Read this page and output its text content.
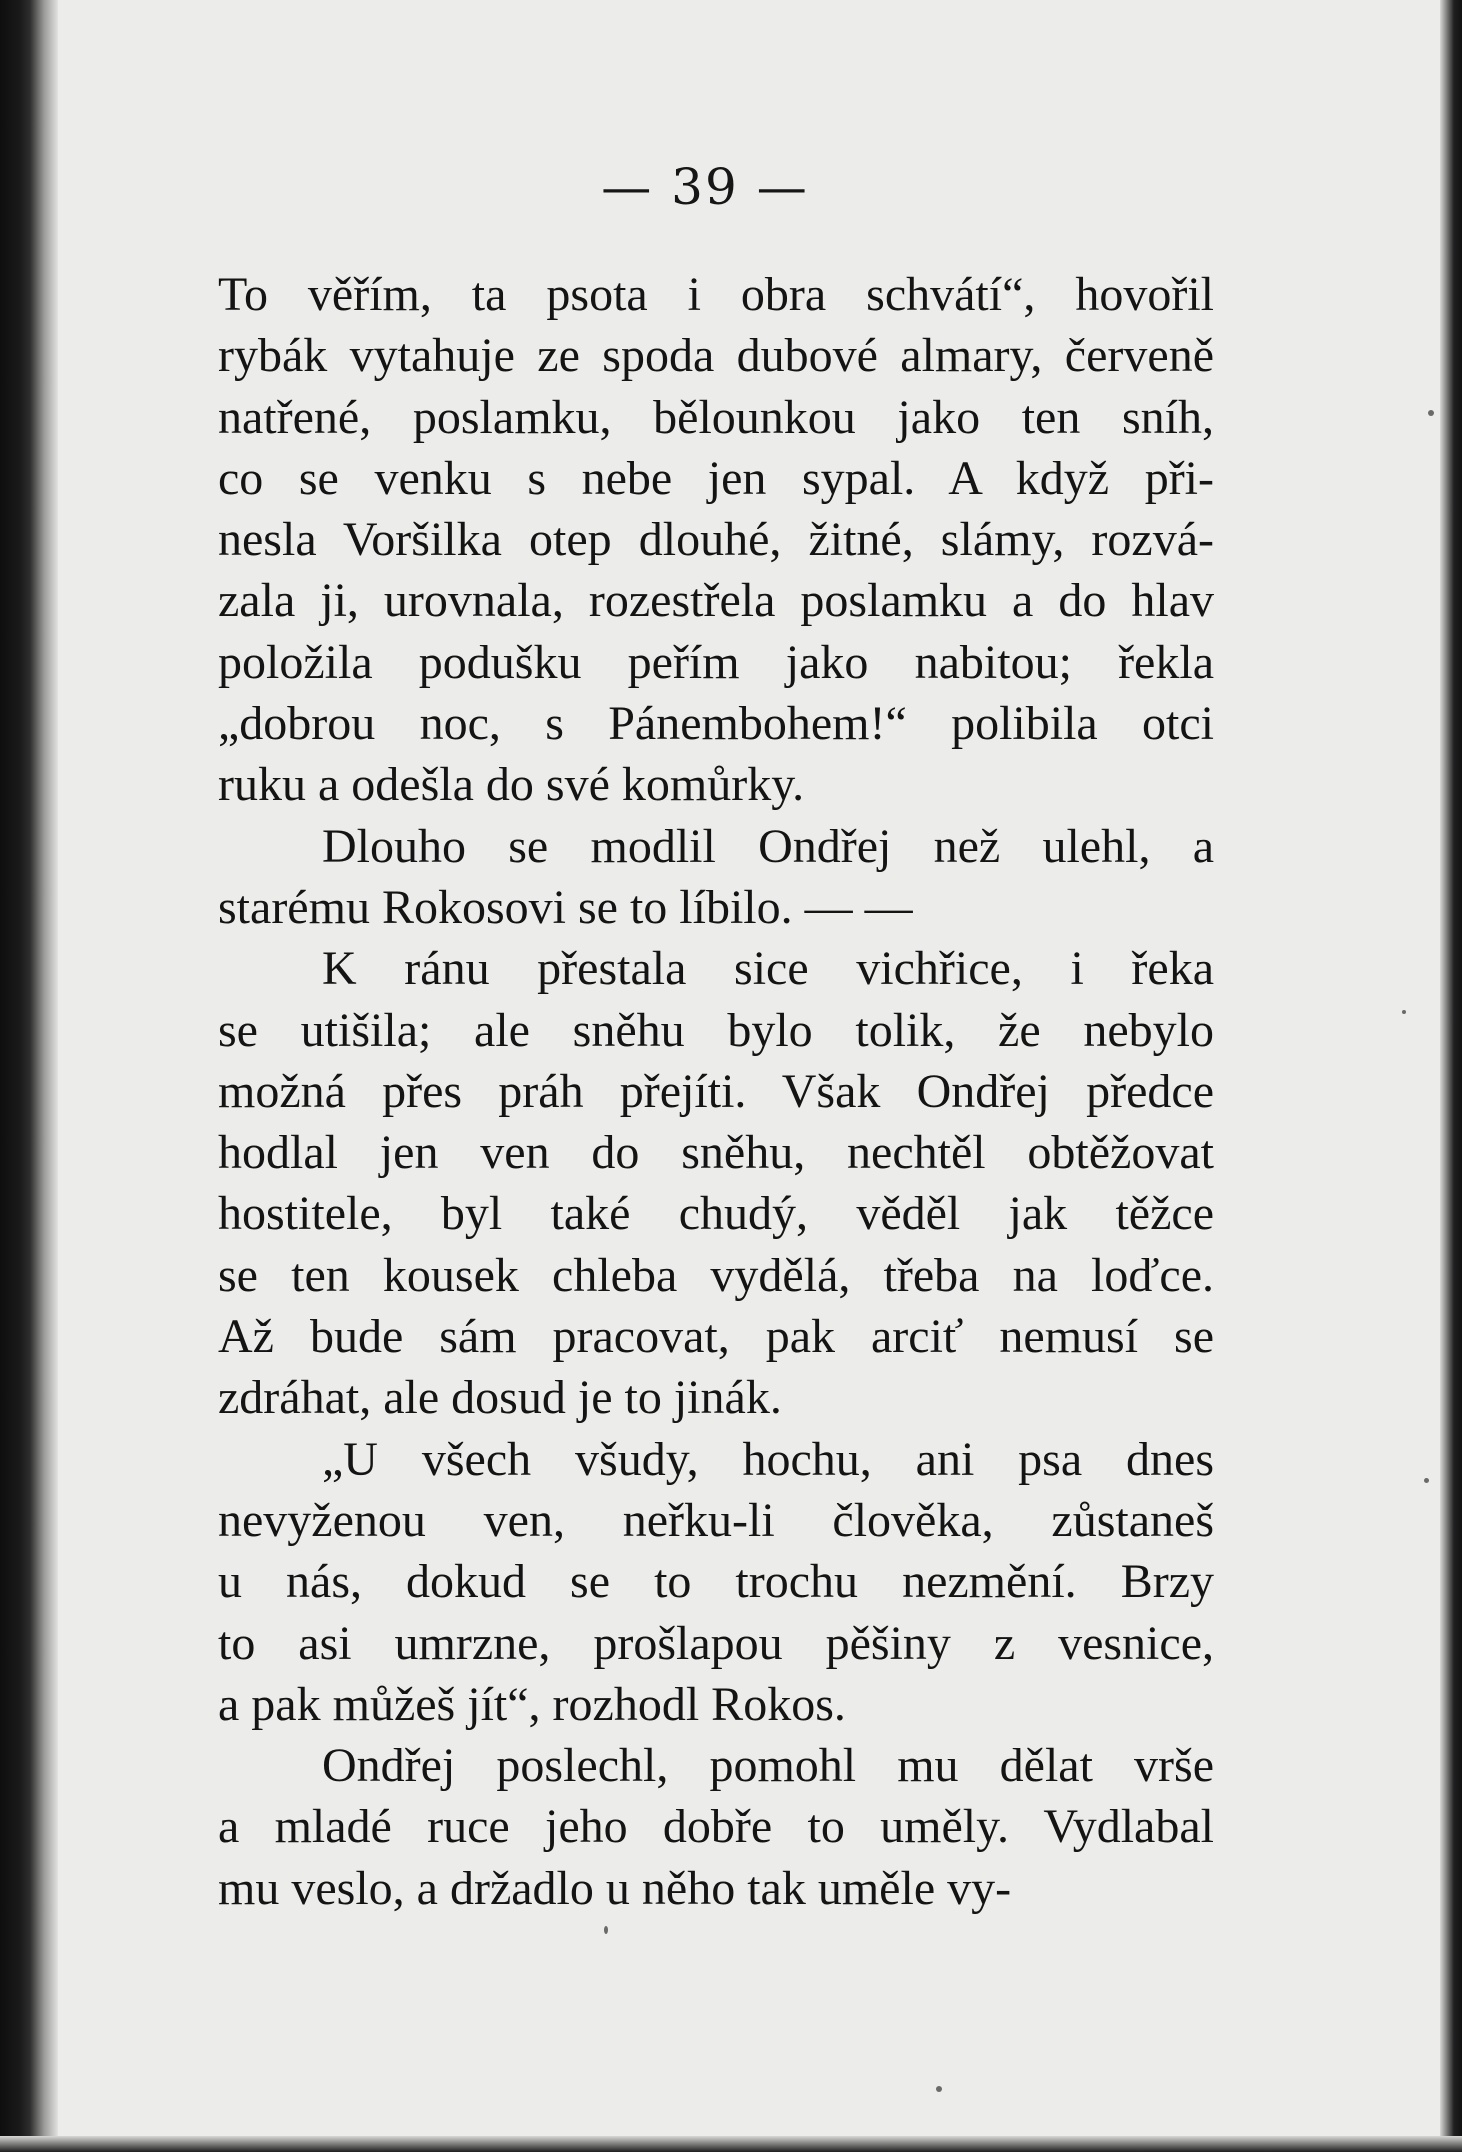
— 39 —
To věřím, ta psota i obra schvátí“, hovořil
rybák vytahuje ze spoda dubové almary, červeně
natřené, poslamku, bělounkou jako ten sníh,
co se venku s nebe jen sypal. A když při-
nesla Voršilka otep dlouhé, žitné, slámy, rozvá-
zala ji, urovnala, rozestřela poslamku a do hlav
položila podušku peřím jako nabitou; řekla
„dobrou noc, s Pánembohem!“ polibila otci
ruku a odešla do své komůrky.
Dlouho se modlil Ondřej než ulehl, a
starému Rokosovi se to líbilo. — —
K ránu přestala sice vichřice, i řeka
se utišila; ale sněhu bylo tolik, že nebylo
možná přes práh přejíti. Však Ondřej předce
hodlal jen ven do sněhu, nechtěl obtěžovat
hostitele, byl také chudý, věděl jak těžce
se ten kousek chleba vydělá, třeba na loďce.
Až bude sám pracovat, pak arciť nemusí se
zdráhat, ale dosud je to jinák.
„U všech všudy, hochu, ani psa dnes
nevyženou ven, neřku-li člověka, zůstaneš
u nás, dokud se to trochu nezmění. Brzy
to asi umrzne, prošlapou pěšiny z vesnice,
a pak můžeš jít“, rozhodl Rokos.
Ondřej poslechl, pomohl mu dělat vrše
a mladé ruce jeho dobře to uměly. Vydlabal
mu veslo, a držadlo u něho tak uměle vy-
